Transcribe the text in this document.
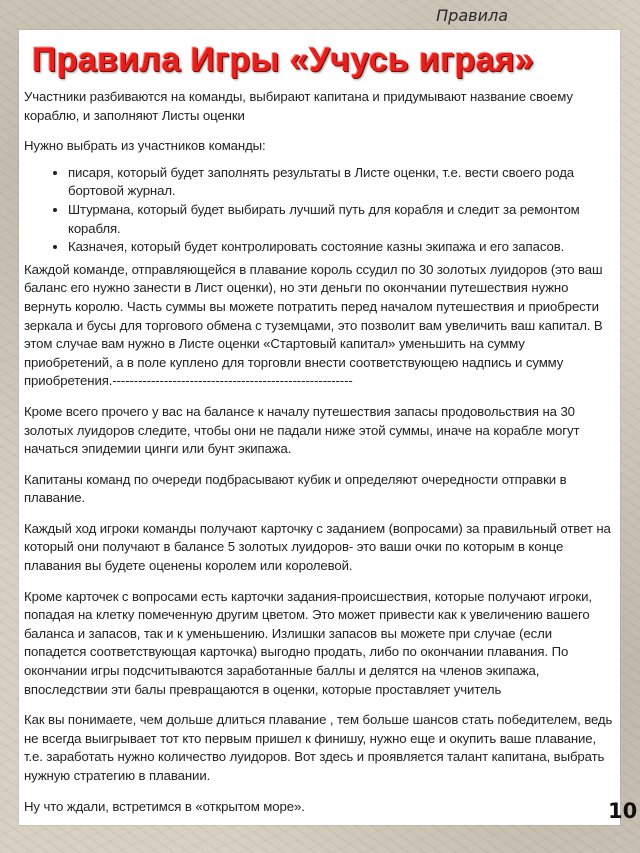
Правила
Правила Игры «Учусь играя»

Участники разбиваются на команды, выбирают капитана и придумывают название своему кораблю, и заполняют Листы оценки

Нужно выбрать из участников команды:

• писаря, который будет заполнять результаты в Листе оценки, т.е. вести своего рода бортовой журнал.
• Штурмана, который будет выбирать лучший путь для корабля и следит за ремонтом корабля.
• Казначея, который будет контролировать состояние казны экипажа и его запасов.

Каждой команде, отправляющейся в плавание король ссудил по 30 золотых луидоров (это ваш баланс его нужно занести в Лист оценки), но эти деньги по окончании путешествия нужно вернуть королю. Часть суммы вы можете потратить перед началом путешествия и приобрести зеркала и бусы для торгового обмена с туземцами, это позволит вам увеличить ваш капитал. В этом случае вам нужно в Листе оценки «Стартовый капитал» уменьшить на сумму приобретений, а в поле куплено для торговли внести соответствующею надпись и сумму приобретения.--------------------------------------------------------

Кроме всего прочего у вас на балансе к началу путешествия запасы продовольствия на 30 золотых луидоров следите, чтобы они не падали ниже этой суммы, иначе на корабле могут начаться эпидемии цинги или бунт экипажа.

Капитаны команд по очереди подбрасывают кубик и определяют очередности отправки в плавание.

Каждый ход игроки команды получают карточку с заданием (вопросами) за правильный ответ на который они получают в балансе 5 золотых луидоров- это ваши очки по которым в конце плавания вы будете оценены королем или королевой.

Кроме карточек с вопросами есть карточки задания-происшествия, которые получают игроки, попадая на клетку помеченную другим цветом. Это может привести как к увеличению вашего баланса и запасов, так и к уменьшению. Излишки запасов вы можете при случае (если попадется соответствующая карточка) выгодно продать, либо по окончании плавания. По окончании игры подсчитываются заработанные баллы и делятся на членов экипажа, впоследствии эти балы превращаются в оценки, которые проставляет учитель

Как вы понимаете, чем дольше длиться плавание , тем больше шансов стать победителем, ведь не всегда выигрывает тот кто первым пришел к финишу, нужно еще и окупить ваше плавание, т.е. заработать нужно количество луидоров. Вот здесь и проявляется талант капитана, выбрать нужную стратегию в плавании.

Ну что ждали, встретимся в «открытом море».	10
